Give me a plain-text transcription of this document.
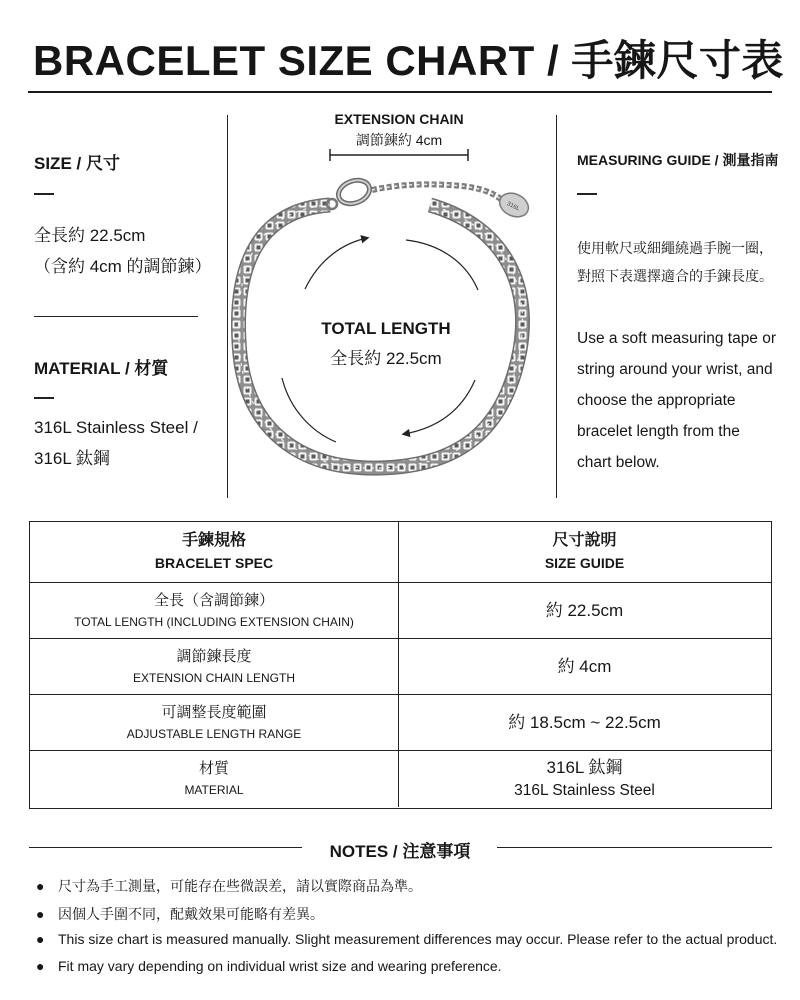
BRACELET SIZE CHART / 手鍊尺寸表
SIZE / 尺寸
全長約 22.5cm
（含約 4cm 的調節鍊）
MATERIAL / 材質
316L Stainless Steel /
316L 鈦鋼
MEASURING GUIDE / 測量指南
使用軟尺或細繩繞過手腕一圈，
對照下表選擇適合的手鍊長度。
Use a soft measuring tape or
string around your wrist, and
choose the appropriate
bracelet length from the
chart below.
EXTENSION CHAIN
調節鍊約 4cm
316L
TOTAL LENGTH
全長約 22.5cm
手鍊規格
BRACELET SPEC
尺寸說明
SIZE GUIDE
全長（含調節鍊）
TOTAL LENGTH (INCLUDING EXTENSION CHAIN)
約 22.5cm
調節鍊長度
EXTENSION CHAIN LENGTH
約 4cm
可調整長度範圍
ADJUSTABLE LENGTH RANGE
約 18.5cm ~ 22.5cm
材質
MATERIAL
316L 鈦鋼
316L Stainless Steel
NOTES / 注意事項
● 尺寸為手工測量，可能存在些微誤差，請以實際商品為準。
● 因個人手圍不同，配戴效果可能略有差異。
● This size chart is measured manually. Slight measurement differences may occur. Please refer to the actual product.
● Fit may vary depending on individual wrist size and wearing preference.
